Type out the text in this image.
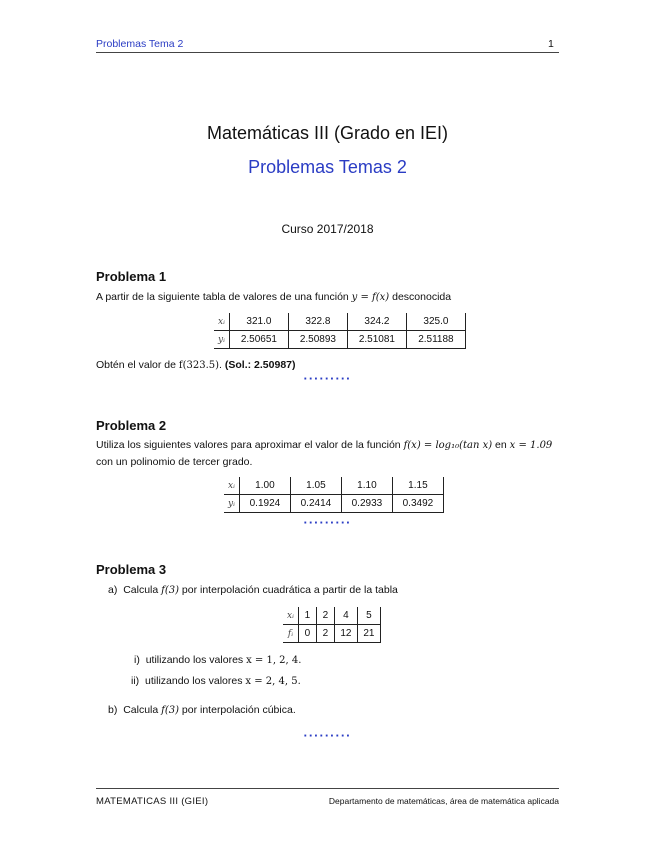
Problemas Tema 2	1
Matemáticas III (Grado en IEI)
Problemas Temas 2
Curso 2017/2018
Problema 1
A partir de la siguiente tabla de valores de una función y = f(x) desconocida
xᵢ	321.0	322.8	324.2	325.0
yᵢ	2.50651	2.50893	2.51081	2.51188
Obtén el valor de f(323.5). (Sol.: 2.50987)
·········
Problema 2
Utiliza los siguientes valores para aproximar el valor de la función f(x) = log₁₀(tan x) en x = 1.09
con un polinomio de tercer grado.
xᵢ	1.00	1.05	1.10	1.15
yᵢ	0.1924	0.2414	0.2933	0.3492
·········
Problema 3
a) Calcula f(3) por interpolación cuadrática a partir de la tabla
xᵢ	1	2	4	5
fᵢ	0	2	12	21
i) utilizando los valores x = 1, 2, 4.
ii) utilizando los valores x = 2, 4, 5.
b) Calcula f(3) por interpolación cúbica.
·········
MATEMATICAS III (GIEI)	Departamento de matemáticas, área de matemática aplicada
